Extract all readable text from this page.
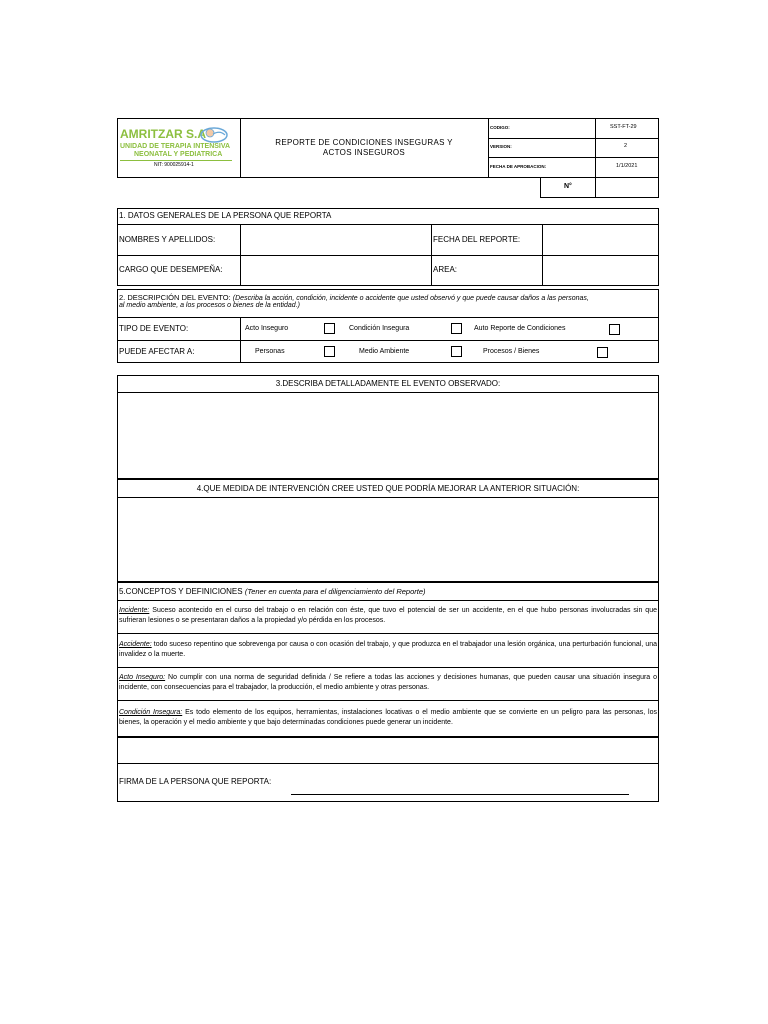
AMRITZAR S.A
UNIDAD DE TERAPIA INTENSIVA
NEONATAL Y PEDIATRICA
NIT: 900025914-1
REPORTE DE CONDICIONES INSEGURAS Y
ACTOS INSEGUROS
CODIGO:	SST-FT-29
VERSION:	2
FECHA DE APROBACION:	1/1/2021
N°
1. DATOS GENERALES DE LA PERSONA QUE REPORTA
NOMBRES Y APELLIDOS:	FECHA DEL REPORTE:
CARGO QUE DESEMPEÑA:	AREA:
2. DESCRIPCIÓN DEL EVENTO: (Describa la acción, condición, incidente o accidente que usted observó y que puede causar daños a las personas,
al medio ambiente, a los procesos o bienes de la entidad.)
TIPO DE EVENTO:	Acto Inseguro	Condición Insegura	Auto Reporte de Condiciones
PUEDE AFECTAR A:	Personas	Medio Ambiente	Procesos / Bienes
3.DESCRIBA DETALLADAMENTE EL EVENTO OBSERVADO:
4.QUE MEDIDA DE INTERVENCIÓN CREE USTED QUE PODRÍA MEJORAR LA ANTERIOR SITUACIÓN:
5.CONCEPTOS Y DEFINICIONES (Tener en cuenta para el diligenciamiento del Reporte)
Incidente: Suceso acontecido en el curso del trabajo o en relación con éste, que tuvo el potencial de ser un accidente, en el que hubo personas involucradas sin que sufrieran lesiones o se presentaran daños a la propiedad y/o pérdida en los procesos.
Accidente: todo suceso repentino que sobrevenga por causa o con ocasión del trabajo, y que produzca en el trabajador una lesión orgánica, una perturbación funcional, una invalidez o la muerte.
Acto Inseguro: No cumplir con una norma de seguridad definida / Se refiere a todas las acciones y decisiones humanas, que pueden causar una situación insegura o incidente, con consecuencias para el trabajador, la producción, el medio ambiente y otras personas.
Condición Insegura: Es todo elemento de los equipos, herramientas, instalaciones locativas o el medio ambiente que se convierte en un peligro para las personas, los bienes, la operación y el medio ambiente y que bajo determinadas condiciones puede generar un incidente.
FIRMA DE LA PERSONA QUE REPORTA:
